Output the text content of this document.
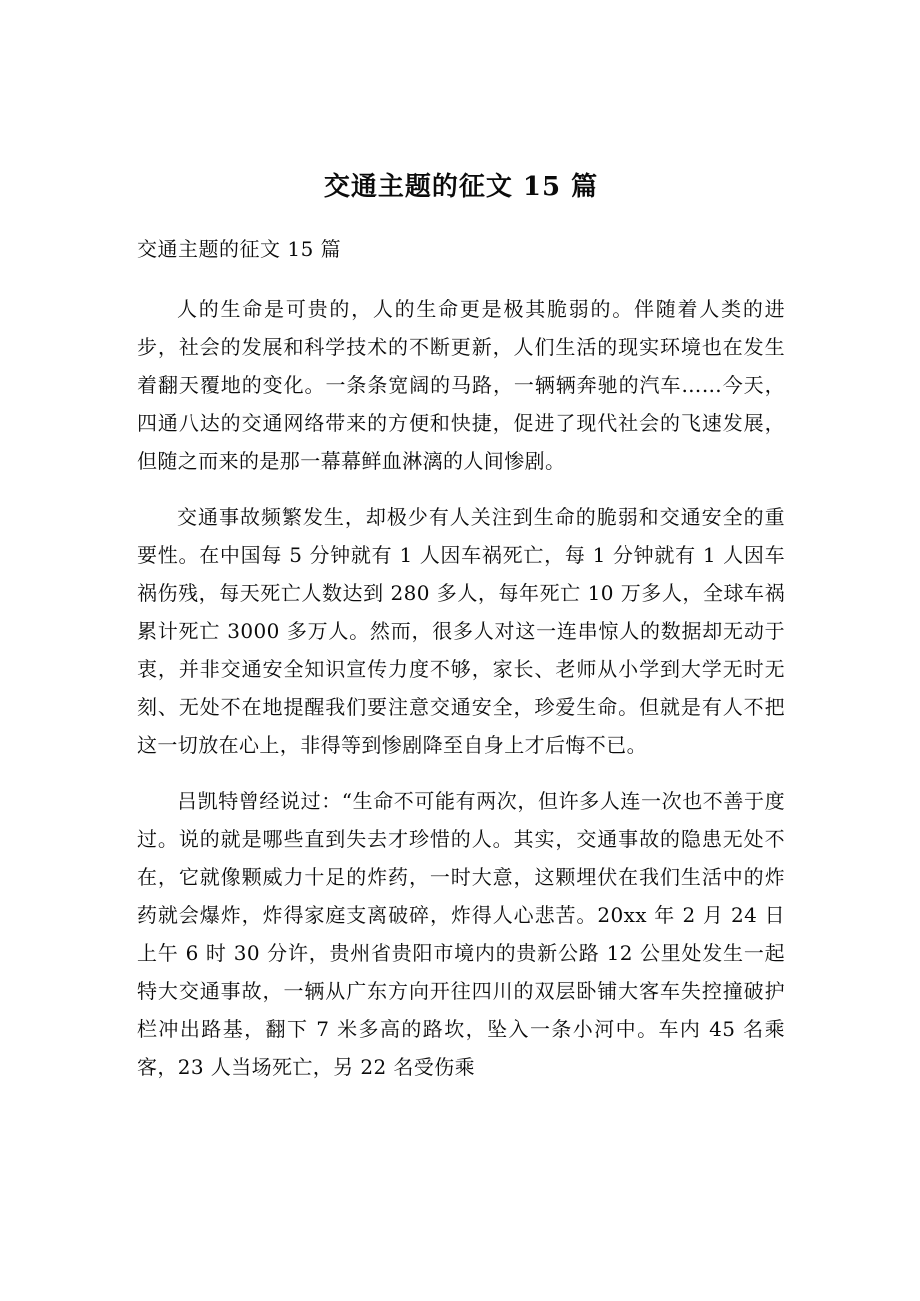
交通主题的征文 15 篇
交通主题的征文 15 篇

人的生命是可贵的，人的生命更是极其脆弱的。伴随着人类的进步，社会的发展和科学技术的不断更新，人们生活的现实环境也在发生着翻天覆地的变化。一条条宽阔的马路，一辆辆奔驰的汽车……今天，四通八达的交通网络带来的方便和快捷，促进了现代社会的飞速发展，但随之而来的是那一幕幕鲜血淋漓的人间惨剧。

交通事故频繁发生，却极少有人关注到生命的脆弱和交通安全的重要性。在中国每 5 分钟就有 1 人因车祸死亡，每 1 分钟就有 1 人因车祸伤残，每天死亡人数达到 280 多人，每年死亡 10 万多人，全球车祸累计死亡 3000 多万人。然而，很多人对这一连串惊人的数据却无动于衷，并非交通安全知识宣传力度不够，家长、老师从小学到大学无时无刻、无处不在地提醒我们要注意交通安全，珍爱生命。但就是有人不把这一切放在心上，非得等到惨剧降至自身上才后悔不已。

吕凯特曾经说过：“生命不可能有两次，但许多人连一次也不善于度过。说的就是哪些直到失去才珍惜的人。其实，交通事故的隐患无处不在，它就像颗威力十足的炸药，一时大意，这颗埋伏在我们生活中的炸药就会爆炸，炸得家庭支离破碎，炸得人心悲苦。20xx 年 2 月 24 日上午 6 时 30 分许，贵州省贵阳市境内的贵新公路 12 公里处发生一起特大交通事故，一辆从广东方向开往四川的双层卧铺大客车失控撞破护栏冲出路基，翻下 7 米多高的路坎，坠入一条小河中。车内 45 名乘客，23 人当场死亡，另 22 名受伤乘
